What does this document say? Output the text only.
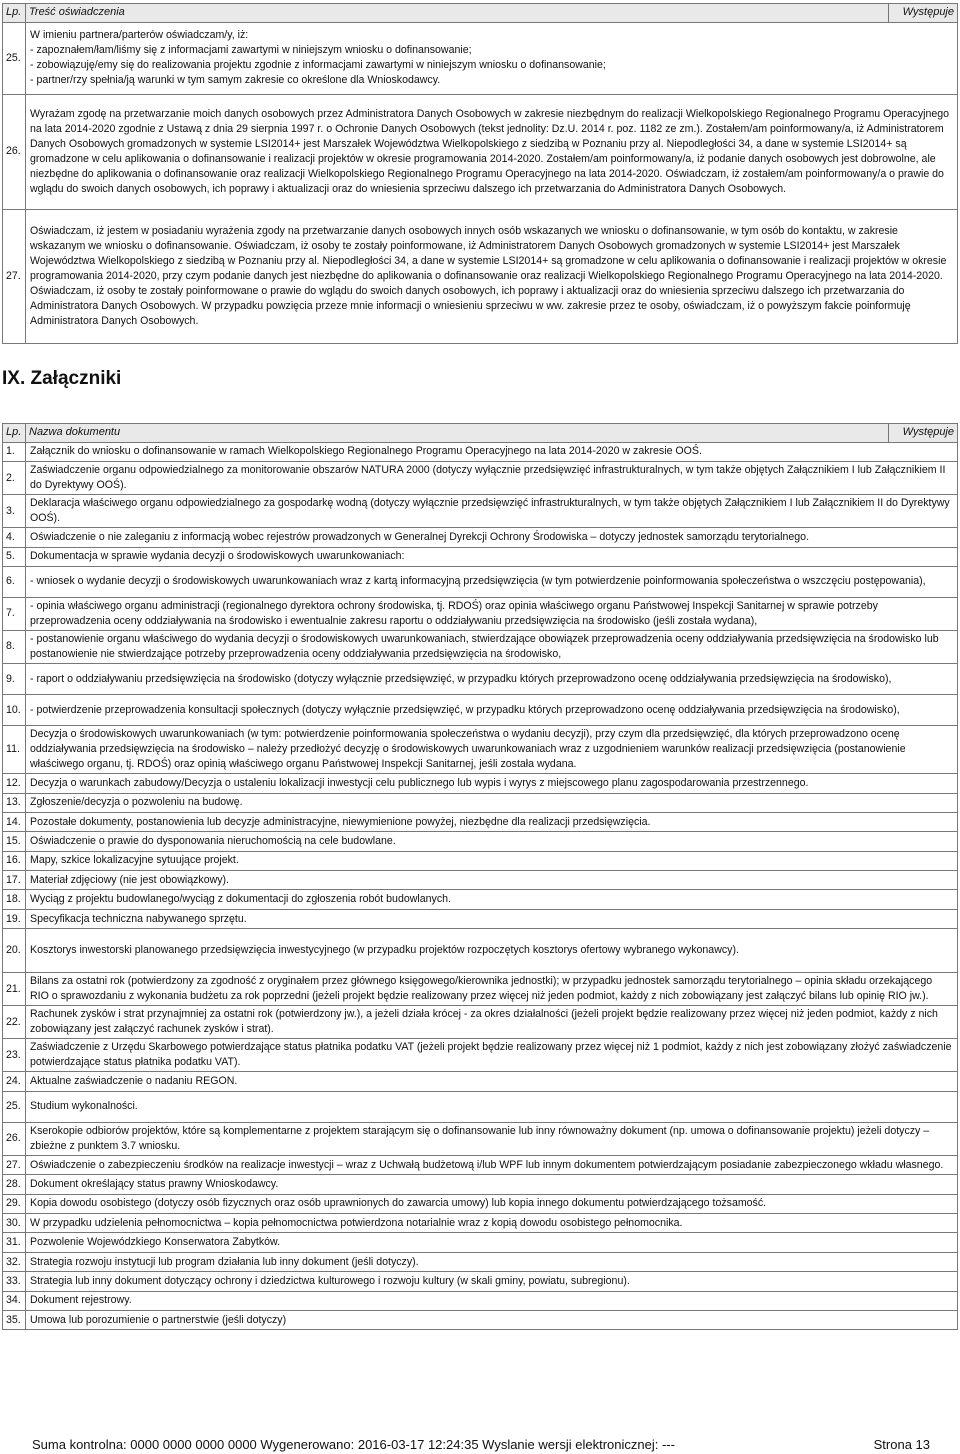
Lp.	Treść oświadczenia	Występuje
25.	W imieniu partnera/parterów oświadczam/y, iż:
- zapoznałem/łam/liśmy się z informacjami zawartymi w niniejszym wniosku o dofinansowanie;
- zobowiązuję/emy się do realizowania projektu zgodnie z informacjami zawartymi w niniejszym wniosku o dofinansowanie;
- partner/rzy spełnia/ją warunki w tym samym zakresie co określone dla Wnioskodawcy.	

26.	Wyrażam zgodę na przetwarzanie moich danych osobowych przez Administratora Danych Osobowych w zakresie niezbędnym do realizacji Wielkopolskiego Regionalnego Programu Operacyjnego na lata 2014-2020 zgodnie z Ustawą z dnia 29 sierpnia 1997 r. o Ochronie Danych Osobowych (tekst jednolity: Dz.U. 2014 r. poz. 1182 ze zm.). Zostałem/am poinformowany/a, iż Administratorem Danych Osobowych gromadzonych w systemie LSI2014+ jest Marszałek Województwa Wielkopolskiego z siedzibą w Poznaniu przy al. Niepodległości 34, a dane w systemie LSI2014+ są gromadzone w celu aplikowania o dofinansowanie i realizacji projektów w okresie programowania 2014-2020. Zostałem/am poinformowany/a, iż podanie danych osobowych jest dobrowolne, ale niezbędne do aplikowania o dofinansowanie oraz realizacji Wielkopolskiego Regionalnego Programu Operacyjnego na lata 2014-2020. Oświadczam, iż zostałem/am poinformowany/a o prawie do wglądu do swoich danych osobowych, ich poprawy i aktualizacji oraz do wniesienia sprzeciwu dalszego ich przetwarzania do Administratora Danych Osobowych.	
27.	Oświadczam, iż jestem w posiadaniu wyrażenia zgody na przetwarzanie danych osobowych innych osób wskazanych we wniosku o dofinansowanie, w tym osób do kontaktu, w zakresie wskazanym we wniosku o dofinansowanie. Oświadczam, iż osoby te zostały poinformowane, iż Administratorem Danych Osobowych gromadzonych w systemie LSI2014+ jest Marszałek Województwa Wielkopolskiego z siedzibą w Poznaniu przy al. Niepodległości 34, a dane w systemie LSI2014+ są gromadzone w celu aplikowania o dofinansowanie i realizacji projektów w okresie programowania 2014-2020, przy czym podanie danych jest niezbędne do aplikowania o dofinansowanie oraz realizacji Wielkopolskiego Regionalnego Programu Operacyjnego na lata 2014-2020. Oświadczam, iż osoby te zostały poinformowane o prawie do wglądu do swoich danych osobowych, ich poprawy i aktualizacji oraz do wniesienia sprzeciwu dalszego ich przetwarzania do Administratora Danych Osobowych. W przypadku powzięcia przeze mnie informacji o wniesieniu sprzeciwu w ww. zakresie przez te osoby, oświadczam, iż o powyższym fakcie poinformuję Administratora Danych Osobowych.	
IX. Załączniki
Lp.	Nazwa dokumentu	Występuje
1.	Załącznik do wniosku o dofinansowanie w ramach Wielkopolskiego Regionalnego Programu Operacyjnego na lata 2014-2020 w zakresie OOŚ.	
2.	Zaświadczenie organu odpowiedzialnego za monitorowanie obszarów NATURA 2000 (dotyczy wyłącznie przedsięwzięć infrastrukturalnych, w tym także objętych Załącznikiem I lub Załącznikiem II do Dyrektywy OOŚ).	
3.	Deklaracja właściwego organu odpowiedzialnego za gospodarkę wodną (dotyczy wyłącznie przedsięwzięć infrastrukturalnych, w tym także objętych Załącznikiem I lub Załącznikiem II do Dyrektywy OOŚ).	
4.	Oświadczenie o nie zaleganiu z informacją wobec rejestrów prowadzonych w Generalnej Dyrekcji Ochrony Środowiska – dotyczy jednostek samorządu terytorialnego.	
5.	Dokumentacja w sprawie wydania decyzji o środowiskowych uwarunkowaniach:	
6.	- wniosek o wydanie decyzji o środowiskowych uwarunkowaniach wraz z kartą informacyjną przedsięwzięcia (w tym potwierdzenie poinformowania społeczeństwa o wszczęciu postępowania),	
7.	- opinia właściwego organu administracji (regionalnego dyrektora ochrony środowiska, tj. RDOŚ) oraz opinia właściwego organu Państwowej Inspekcji Sanitarnej w sprawie potrzeby przeprowadzenia oceny oddziaływania na środowisko i ewentualnie zakresu raportu o oddziaływaniu przedsięwzięcia na środowisko (jeśli została wydana),	
8.	- postanowienie organu właściwego do wydania decyzji o środowiskowych uwarunkowaniach, stwierdzające obowiązek przeprowadzenia oceny oddziaływania przedsięwzięcia na środowisko lub postanowienie nie stwierdzające potrzeby przeprowadzenia oceny oddziaływania przedsięwzięcia na środowisko,	
9.	- raport o oddziaływaniu przedsięwzięcia na środowisko (dotyczy wyłącznie przedsięwzięć, w przypadku których przeprowadzono ocenę oddziaływania przedsięwzięcia na środowisko),	
10.	- potwierdzenie przeprowadzenia konsultacji społecznych (dotyczy wyłącznie przedsięwzięć, w przypadku których przeprowadzono ocenę oddziaływania przedsięwzięcia na środowisko),	
11.	Decyzja o środowiskowych uwarunkowaniach (w tym: potwierdzenie poinformowania społeczeństwa o wydaniu decyzji), przy czym dla przedsięwzięć, dla których przeprowadzono ocenę oddziaływania przedsięwzięcia na środowisko – należy przedłożyć decyzję o środowiskowych uwarunkowaniach wraz z uzgodnieniem warunków realizacji przedsięwzięcia (postanowienie właściwego organu, tj. RDOŚ) oraz opinią właściwego organu Państwowej Inspekcji Sanitarnej, jeśli została wydana.	
12.	Decyzja o warunkach zabudowy/Decyzja o ustaleniu lokalizacji inwestycji celu publicznego lub wypis i wyrys z miejscowego planu zagospodarowania przestrzennego.	
13.	Zgłoszenie/decyzja o pozwoleniu na budowę.	
14.	Pozostałe dokumenty, postanowienia lub decyzje administracyjne, niewymienione powyżej, niezbędne dla realizacji przedsięwzięcia.	
15.	Oświadczenie o prawie do dysponowania nieruchomością na cele budowlane.	
16.	Mapy, szkice lokalizacyjne sytuujące projekt.	
17.	Materiał zdjęciowy (nie jest obowiązkowy).	
18.	Wyciąg z projektu budowlanego/wyciąg z dokumentacji do zgłoszenia robót budowlanych.	
19.	Specyfikacja techniczna nabywanego sprzętu.	
20.	Kosztorys inwestorski planowanego przedsięwzięcia inwestycyjnego (w przypadku projektów rozpoczętych kosztorys ofertowy wybranego wykonawcy).	
21.	Bilans za ostatni rok (potwierdzony za zgodność z oryginałem przez głównego księgowego/kierownika jednostki); w przypadku jednostek samorządu terytorialnego – opinia składu orzekającego RIO o sprawozdaniu z wykonania budżetu za rok poprzedni (jeżeli projekt będzie realizowany przez więcej niż jeden podmiot, każdy z nich zobowiązany jest załączyć bilans lub opinię RIO jw.).	
22.	Rachunek zysków i strat przynajmniej za ostatni rok (potwierdzony jw.), a jeżeli działa krócej - za okres działalności (jeżeli projekt będzie realizowany przez więcej niż jeden podmiot, każdy z nich zobowiązany jest załączyć rachunek zysków i strat).	
23.	Zaświadczenie z Urzędu Skarbowego potwierdzające status płatnika podatku VAT (jeżeli projekt będzie realizowany przez więcej niż 1 podmiot, każdy z nich jest zobowiązany złożyć zaświadczenie potwierdzające status płatnika podatku VAT).	
24.	Aktualne zaświadczenie o nadaniu REGON.	
25.	Studium wykonalności.	
26.	Kserokopie odbiorów projektów, które są komplementarne z projektem starającym się o dofinansowanie lub inny równoważny dokument (np. umowa o dofinansowanie projektu) jeżeli dotyczy – zbieżne z punktem 3.7 wniosku.	
27.	Oświadczenie o zabezpieczeniu środków na realizacje inwestycji – wraz z Uchwałą budżetową i/lub WPF lub innym dokumentem potwierdzającym posiadanie zabezpieczonego wkładu własnego.	
28.	Dokument określający status prawny Wnioskodawcy.	
29.	Kopia dowodu osobistego (dotyczy osób fizycznych oraz osób uprawnionych do zawarcia umowy) lub kopia innego dokumentu potwierdzającego tożsamość.	
30.	W przypadku udzielenia pełnomocnictwa – kopia pełnomocnictwa potwierdzona notarialnie wraz z kopią dowodu osobistego pełnomocnika.	
31.	Pozwolenie Wojewódzkiego Konserwatora Zabytków.	
32.	Strategia rozwoju instytucji lub program działania lub inny dokument (jeśli dotyczy).	
33.	Strategia lub inny dokument dotyczący ochrony i dziedzictwa kulturowego i rozwoju kultury (w skali gminy, powiatu, subregionu).	
34.	Dokument rejestrowy.	
35.	Umowa lub porozumienie o partnerstwie (jeśli dotyczy)	
Suma kontrolna: 0000 0000 0000 0000 Wygenerowano: 2016-03-17 12:24:35 Wyslanie wersji elektronicznej: ---	Strona 13
